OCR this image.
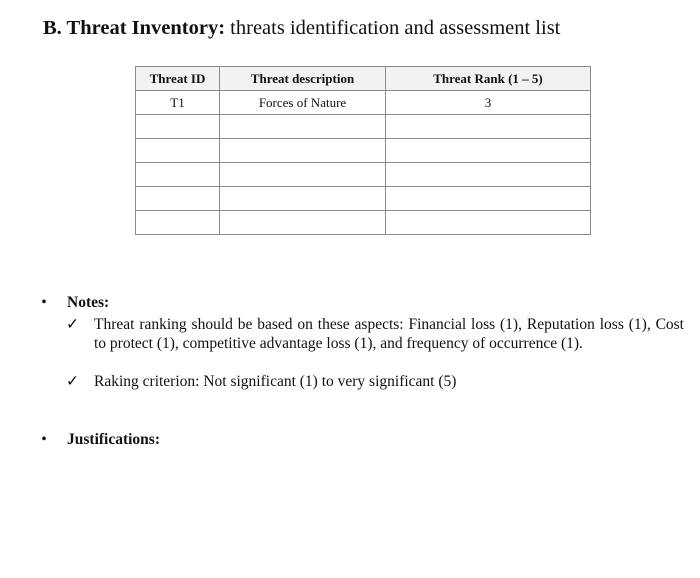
B. Threat Inventory: threats identification and assessment list
Threat ID	Threat description	Threat Rank (1 – 5)
T1	Forces of Nature	3

• Notes:
✓ Threat ranking should be based on these aspects: Financial loss (1), Reputation loss (1), Cost to protect (1), competitive advantage loss (1), and frequency of occurrence (1).
✓ Raking criterion: Not significant (1) to very significant (5)
• Justifications:
